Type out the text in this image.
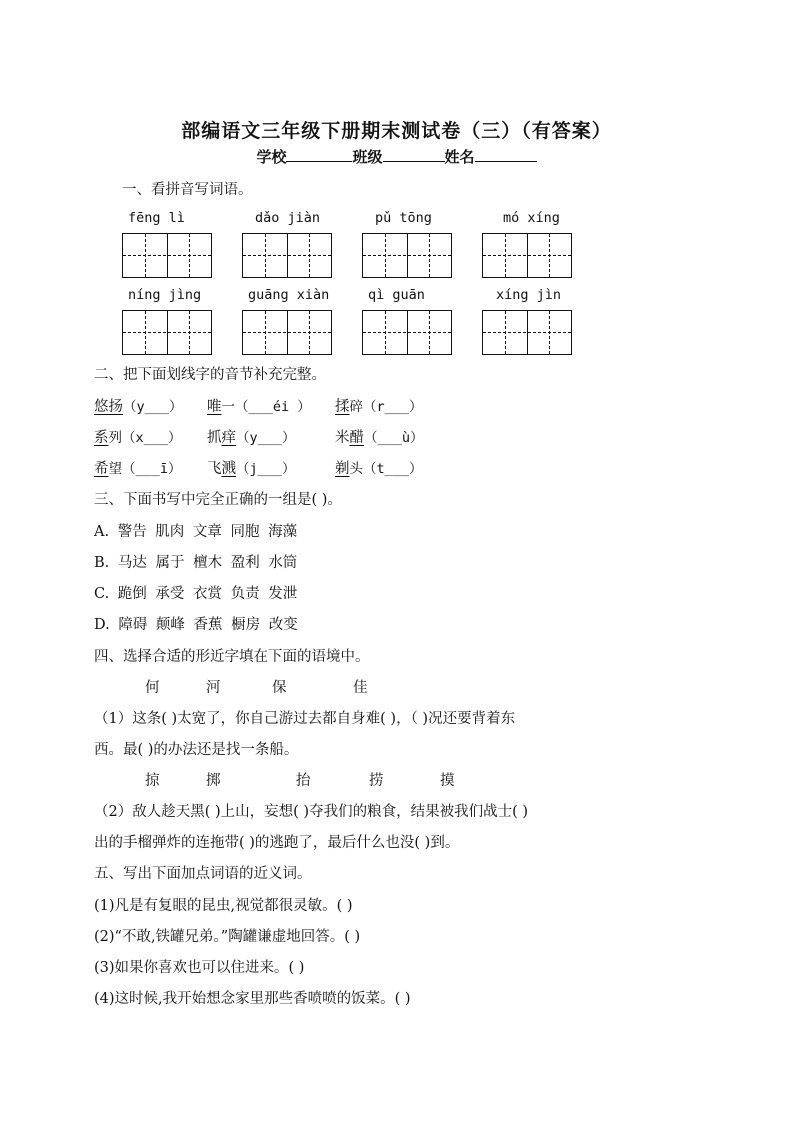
部编语文三年级下册期末测试卷（三）（有答案）
学校	班级	姓名
一、看拼音写词语。
fēng lì	dǎo jiàn	pǔ tōng	mó xíng
níng jìng	guāng xiàn	qì guān	xíng jìn
二、把下面划线字的音节补充完整。
悠扬（y___） 唯一（___éi ） 揉碎（r___）
系列（x___） 抓痒（y___）	米醋（___ù）
希望（___ī） 飞溅（j___）	剃头（t___）
三、下面书写中完全正确的一组是( )。
A. 警告 肌肉 文章 同胞 海藻
B. 马达 属于 檀木 盈利 水筒
C. 跪倒 承受 衣赏 负责 发泄
D. 障碍 颠峰 香蕉 橱房 改变
四、选择合适的形近字填在下面的语境中。
何	河	保	佳
（1）这条( )太宽了，你自己游过去都自身难( )，（ )况还要背着东
西。最( )的办法还是找一条船。
掠	掷	抬	捞	摸
（2）敌人趁天黑( )上山，妄想( )夺我们的粮食，结果被我们战士( )
出的手榴弹炸的连拖带( )的逃跑了，最后什么也没( )到。
五、写出下面加点词语的近义词。
(1)凡是有复眼的昆虫,视觉都很灵敏。( )
(2)“不敢,铁罐兄弟。”陶罐谦虚地回答。( )
(3)如果你喜欢也可以住进来。( )
(4)这时候,我开始想念家里那些香喷喷的饭菜。( )
